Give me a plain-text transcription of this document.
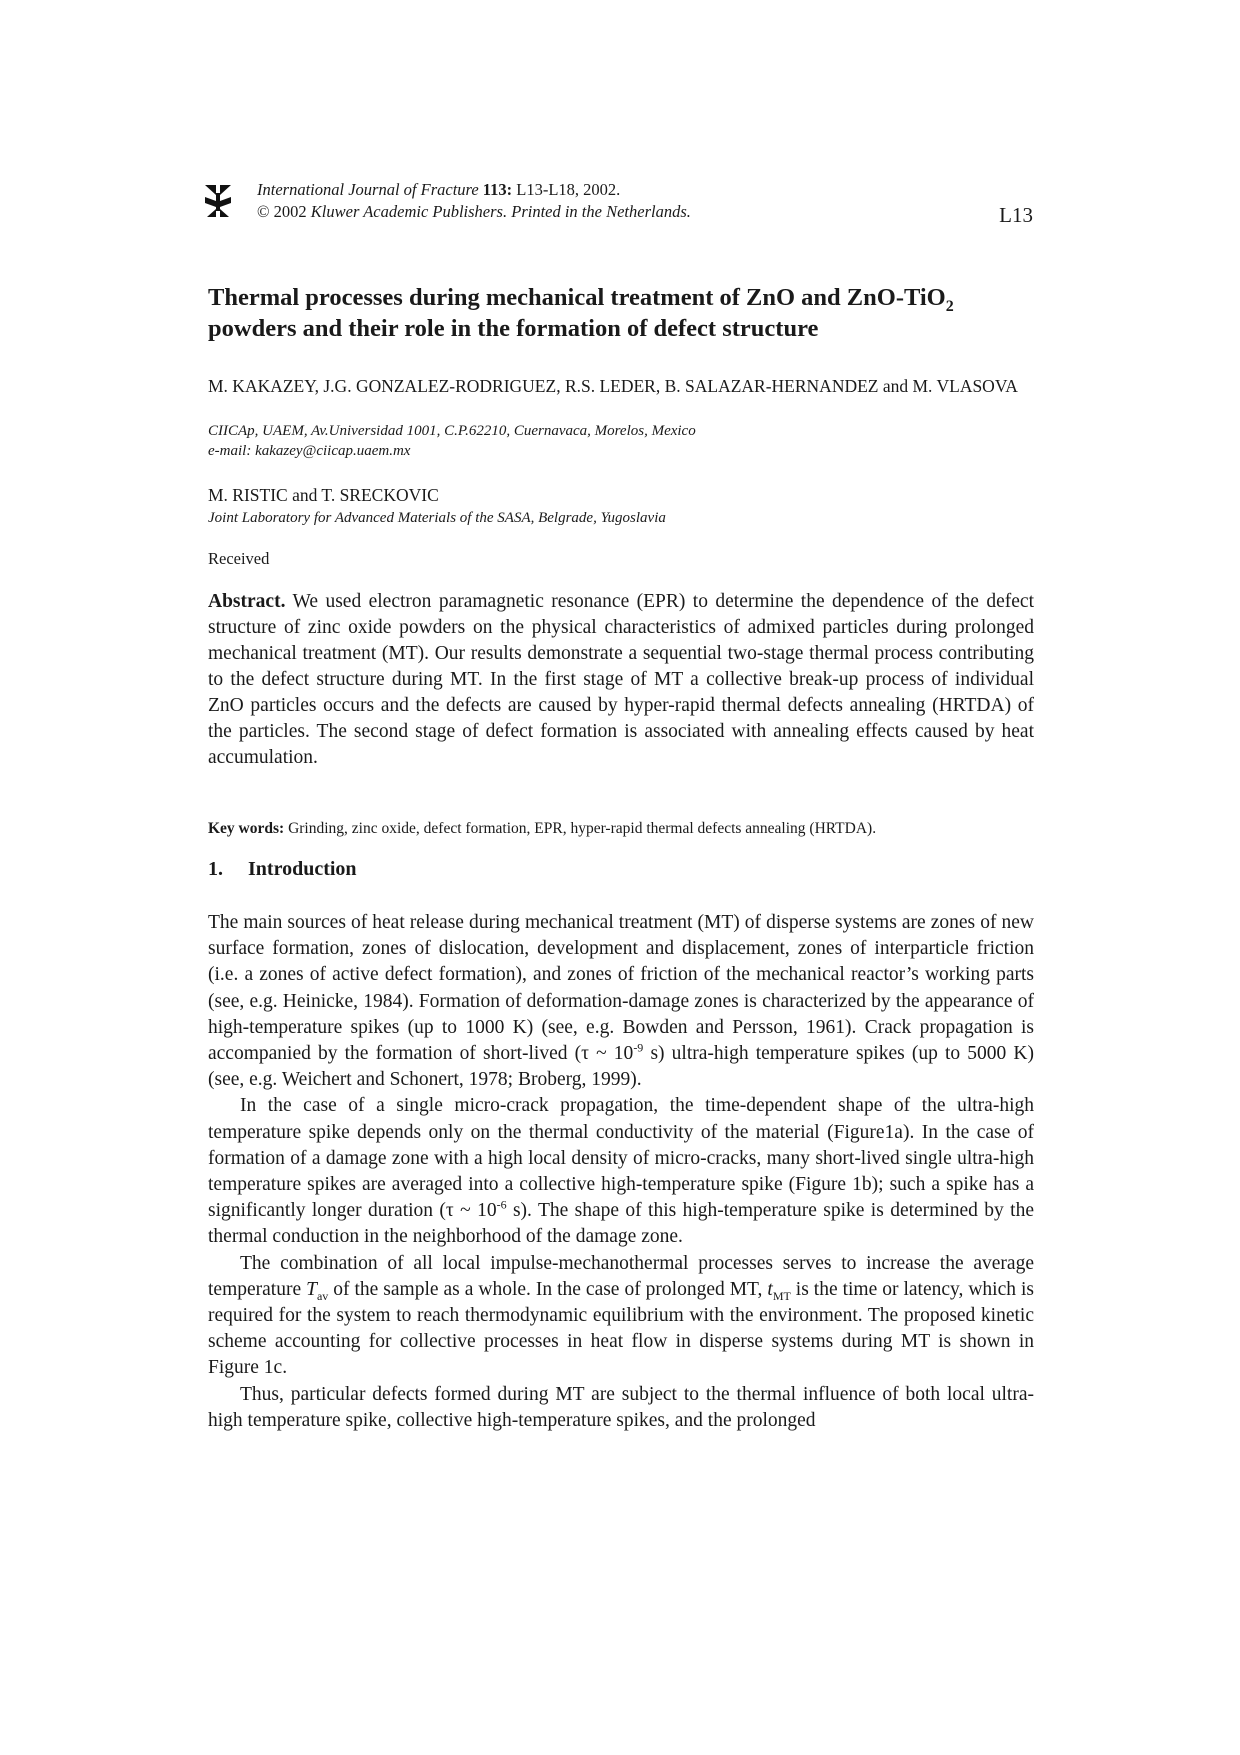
International Journal of Fracture 113: L13-L18, 2002.
© 2002 Kluwer Academic Publishers. Printed in the Netherlands.	L13
Thermal processes during mechanical treatment of ZnO and ZnO-TiO$_2$
powders and their role in the formation of defect structure
M. KAKAZEY, J.G. GONZALEZ-RODRIGUEZ, R.S. LEDER, B. SALAZAR-HERNANDEZ and M. VLASOVA
CIICAp, UAEM, Av.Universidad 1001, C.P.62210, Cuernavaca, Morelos, Mexico
e-mail: kakazey@ciicap.uaem.mx
M. RISTIC and T. SRECKOVIC
Joint Laboratory for Advanced Materials of the SASA, Belgrade, Yugoslavia
Received

Abstract. We used electron paramagnetic resonance (EPR) to determine the dependence of the defect structure of zinc oxide powders on the physical characteristics of admixed particles during prolonged mechanical treatment (MT). Our results demonstrate a sequential two-stage thermal process contributing to the defect structure during MT. In the first stage of MT a collective break-up process of individual ZnO particles occurs and the defects are caused by hyper-rapid thermal defects annealing (HRTDA) of the particles. The second stage of defect formation is associated with annealing effects caused by heat accumulation.

Key words: Grinding, zinc oxide, defect formation, EPR, hyper-rapid thermal defects annealing (HRTDA).
1. Introduction

The main sources of heat release during mechanical treatment (MT) of disperse systems are zones of new surface formation, zones of dislocation, development and displacement, zones of interparticle friction (i.e. a zones of active defect formation), and zones of friction of the mechanical reactor’s working parts (see, e.g. Heinicke, 1984). Formation of deformation-damage zones is characterized by the appearance of high-temperature spikes (up to 1000 K) (see, e.g. Bowden and Persson, 1961). Crack propagation is accompanied by the formation of short-lived (τ ~ $10^{-9}$ s) ultra-high temperature spikes (up to 5000 K) (see, e.g. Weichert and Schonert, 1978; Broberg, 1999).

In the case of a single micro-crack propagation, the time-dependent shape of the ultra-high temperature spike depends only on the thermal conductivity of the material (Figure1a). In the case of formation of a damage zone with a high local density of micro-cracks, many short-lived single ultra-high temperature spikes are averaged into a collective high-temperature spike (Figure 1b); such a spike has a significantly longer duration (τ ~ $10^{-6}$ s). The shape of this high-temperature spike is determined by the thermal conduction in the neighborhood of the damage zone.

The combination of all local impulse-mechanothermal processes serves to increase the average temperature $T_{av}$ of the sample as a whole. In the case of prolonged MT, $t_{MT}$ is the time or latency, which is required for the system to reach thermodynamic equilibrium with the environment. The proposed kinetic scheme accounting for collective processes in heat flow in disperse systems during MT is shown in Figure 1c.

Thus, particular defects formed during MT are subject to the thermal influence of both local ultra-high temperature spike, collective high-temperature spikes, and the prolonged
